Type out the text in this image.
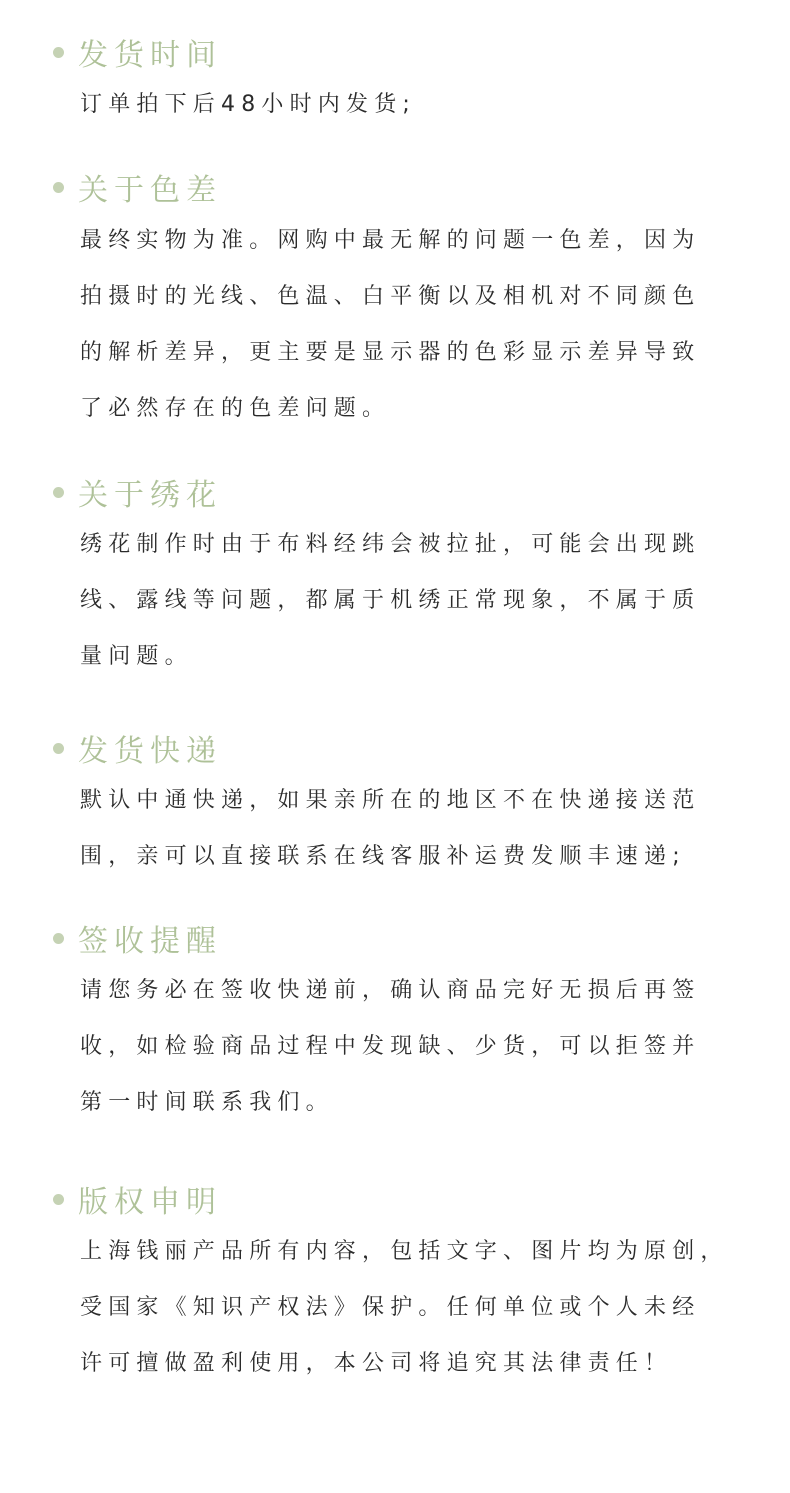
发货时间
订单拍下后48小时内发货;
关于色差
最终实物为准。网购中最无解的问题一色差，因为
拍摄时的光线、色温、白平衡以及相机对不同颜色
的解析差异，更主要是显示器的色彩显示差异导致
了必然存在的色差问题。
关于绣花
绣花制作时由于布料经纬会被拉扯，可能会出现跳
线、露线等问题，都属于机绣正常现象，不属于质
量问题。
发货快递
默认中通快递，如果亲所在的地区不在快递接送范
围，亲可以直接联系在线客服补运费发顺丰速递;
签收提醒
请您务必在签收快递前，确认商品完好无损后再签
收，如检验商品过程中发现缺、少货，可以拒签并
第一时间联系我们。
版权申明
上海钱丽产品所有内容，包括文字、图片均为原创，
受国家《知识产权法》保护。任何单位或个人未经
许可擅做盈利使用，本公司将追究其法律责任！
